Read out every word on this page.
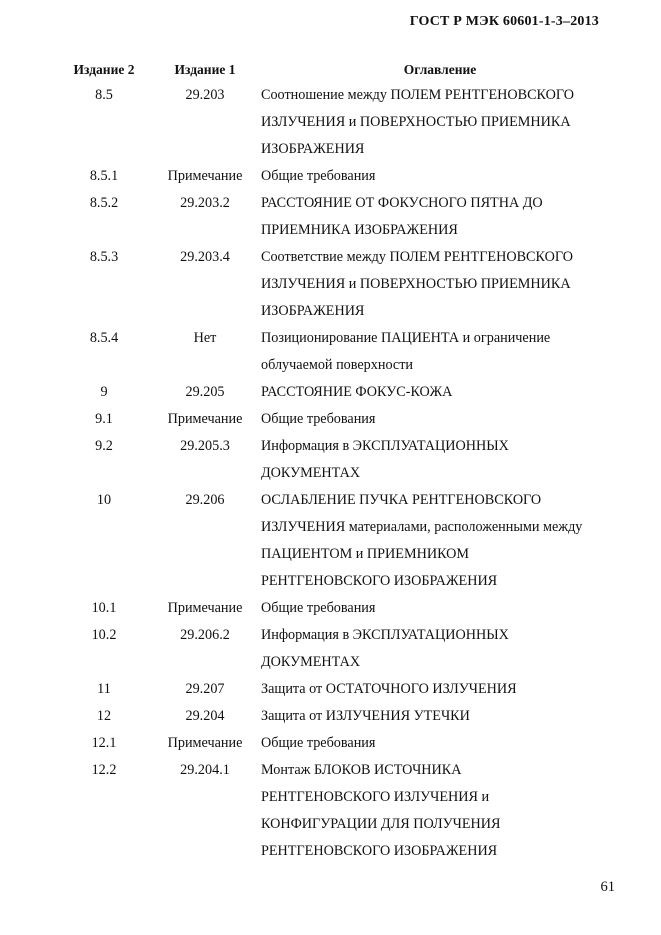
ГОСТ Р МЭК 60601-1-3–2013
Издание 2	Издание 1	Оглавление
8.5	29.203	Соотношение между ПОЛЕМ РЕНТГЕНОВСКОГО
ИЗЛУЧЕНИЯ и ПОВЕРХНОСТЬЮ ПРИЕМНИКА
ИЗОБРАЖЕНИЯ

8.5.1	Примечание	Общие требования

8.5.2	29.203.2	РАССТОЯНИЕ ОТ ФОКУСНОГО ПЯТНА ДО
ПРИЕМНИКА ИЗОБРАЖЕНИЯ

8.5.3	29.203.4	Соответствие между ПОЛЕМ РЕНТГЕНОВСКОГО
ИЗЛУЧЕНИЯ и ПОВЕРХНОСТЬЮ ПРИЕМНИКА
ИЗОБРАЖЕНИЯ

8.5.4	Нет	Позиционирование ПАЦИЕНТА и ограничение
облучаемой поверхности

9	29.205	РАССТОЯНИЕ ФОКУС-КОЖА

9.1	Примечание	Общие требования

9.2	29.205.3	Информация в ЭКСПЛУАТАЦИОННЫХ
ДОКУМЕНТАХ

10	29.206	ОСЛАБЛЕНИЕ ПУЧКА РЕНТГЕНОВСКОГО
ИЗЛУЧЕНИЯ материалами, расположенными между
ПАЦИЕНТОМ и ПРИЕМНИКОМ
РЕНТГЕНОВСКОГО ИЗОБРАЖЕНИЯ

10.1	Примечание	Общие требования

10.2	29.206.2	Информация в ЭКСПЛУАТАЦИОННЫХ
ДОКУМЕНТАХ

11	29.207	Защита от ОСТАТОЧНОГО ИЗЛУЧЕНИЯ

12	29.204	Защита от ИЗЛУЧЕНИЯ УТЕЧКИ

12.1	Примечание	Общие требования

12.2	29.204.1	Монтаж БЛОКОВ ИСТОЧНИКА
РЕНТГЕНОВСКОГО ИЗЛУЧЕНИЯ и
КОНФИГУРАЦИИ ДЛЯ ПОЛУЧЕНИЯ
РЕНТГЕНОВСКОГО ИЗОБРАЖЕНИЯ
61
